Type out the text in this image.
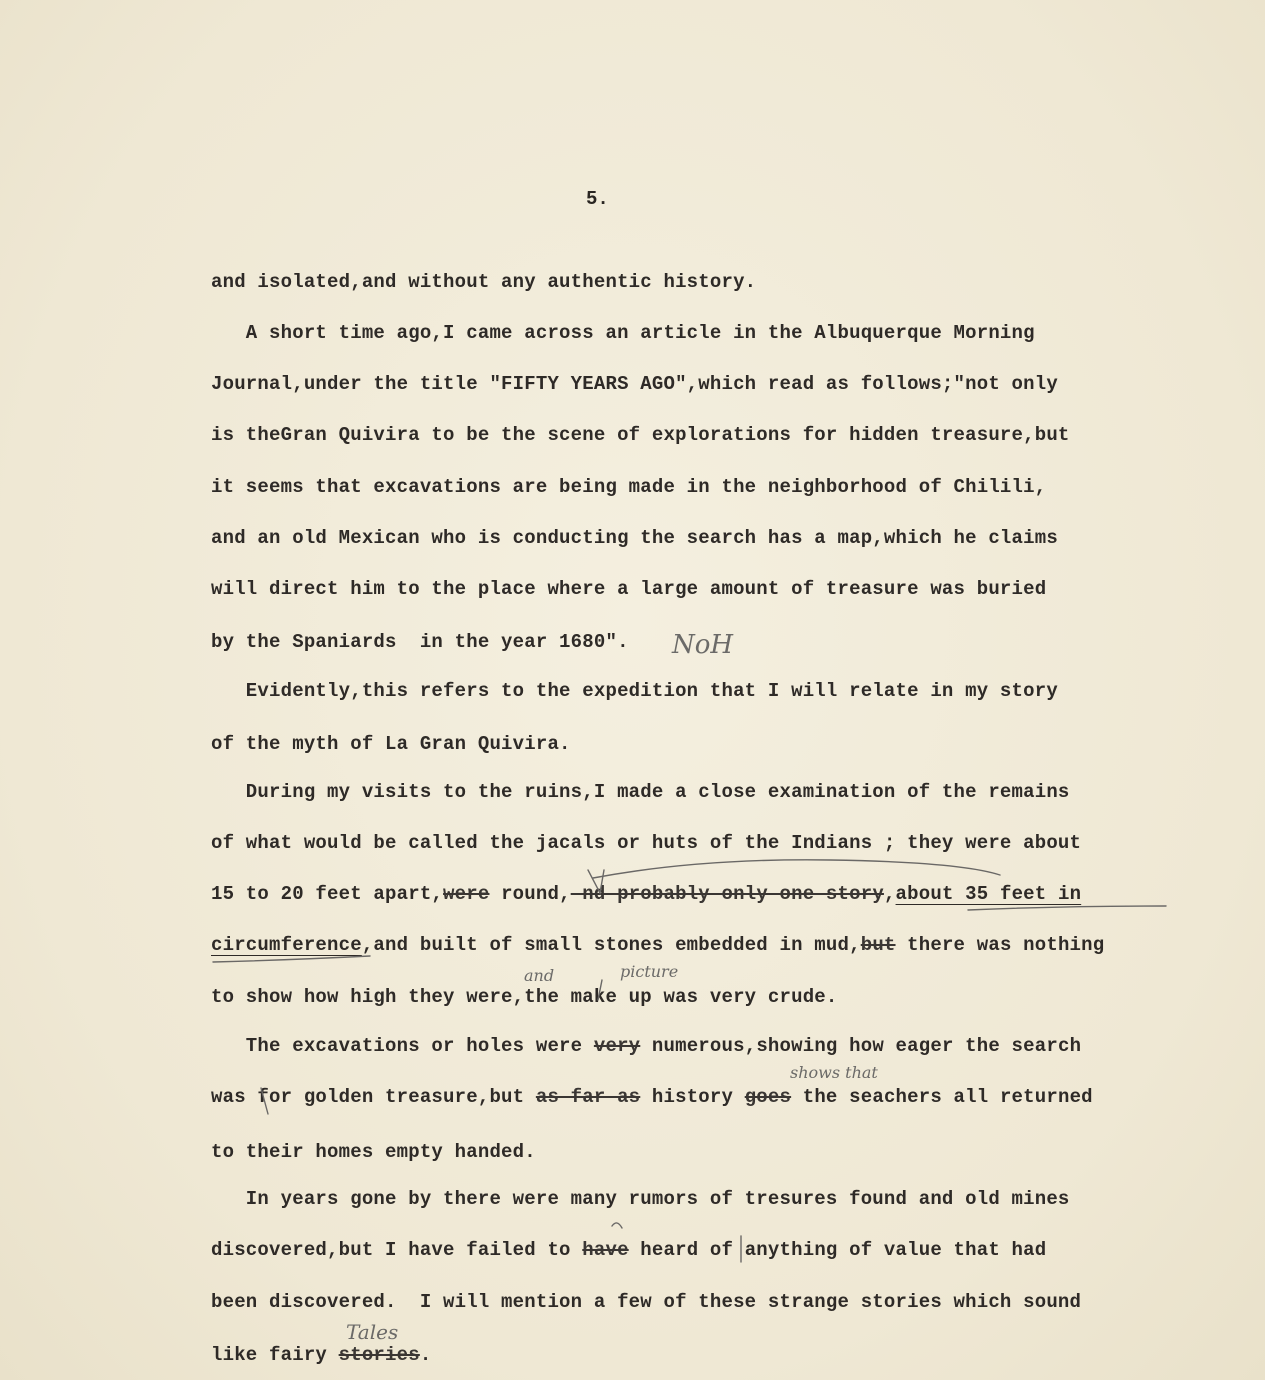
5.
and isolated,and without any authentic history.
A short time ago,I came across an article in the Albuquerque Morning
Journal,under the title "FIFTY YEARS AGO",which read as follows;"not only
is theGran Quivira to be the scene of explorations for hidden treasure,but
it seems that excavations are being made in the neighborhood of Chilili,
and an old Mexican who is conducting the search has a map,which he claims
will direct him to the place where a large amount of treasure was buried
by the Spaniards  in the year 1680".
Evidently,this refers to the expedition that I will relate in my story
of the myth of La Gran Quivira.
During my visits to the ruins,I made a close examination of the remains
of what would be called the jacals or huts of the Indians ; they were about
15 to 20 feet apart,were round, nd probably only one story,about 35 feet in
circumference,and built of small stones embedded in mud,but there was nothing
to show how high they were,the make up was very crude.
The excavations or holes were very numerous,showing how eager the search
was for golden treasure,but as far as history goes the seachers all returned
to their homes empty handed.
In years gone by there were many rumors of tresures found and old mines
discovered,but I have failed to have heard of anything of value that had
been discovered.  I will mention a few of these strange stories which sound
like fairy stories.
NoH
and	picture
shows that
Tales
